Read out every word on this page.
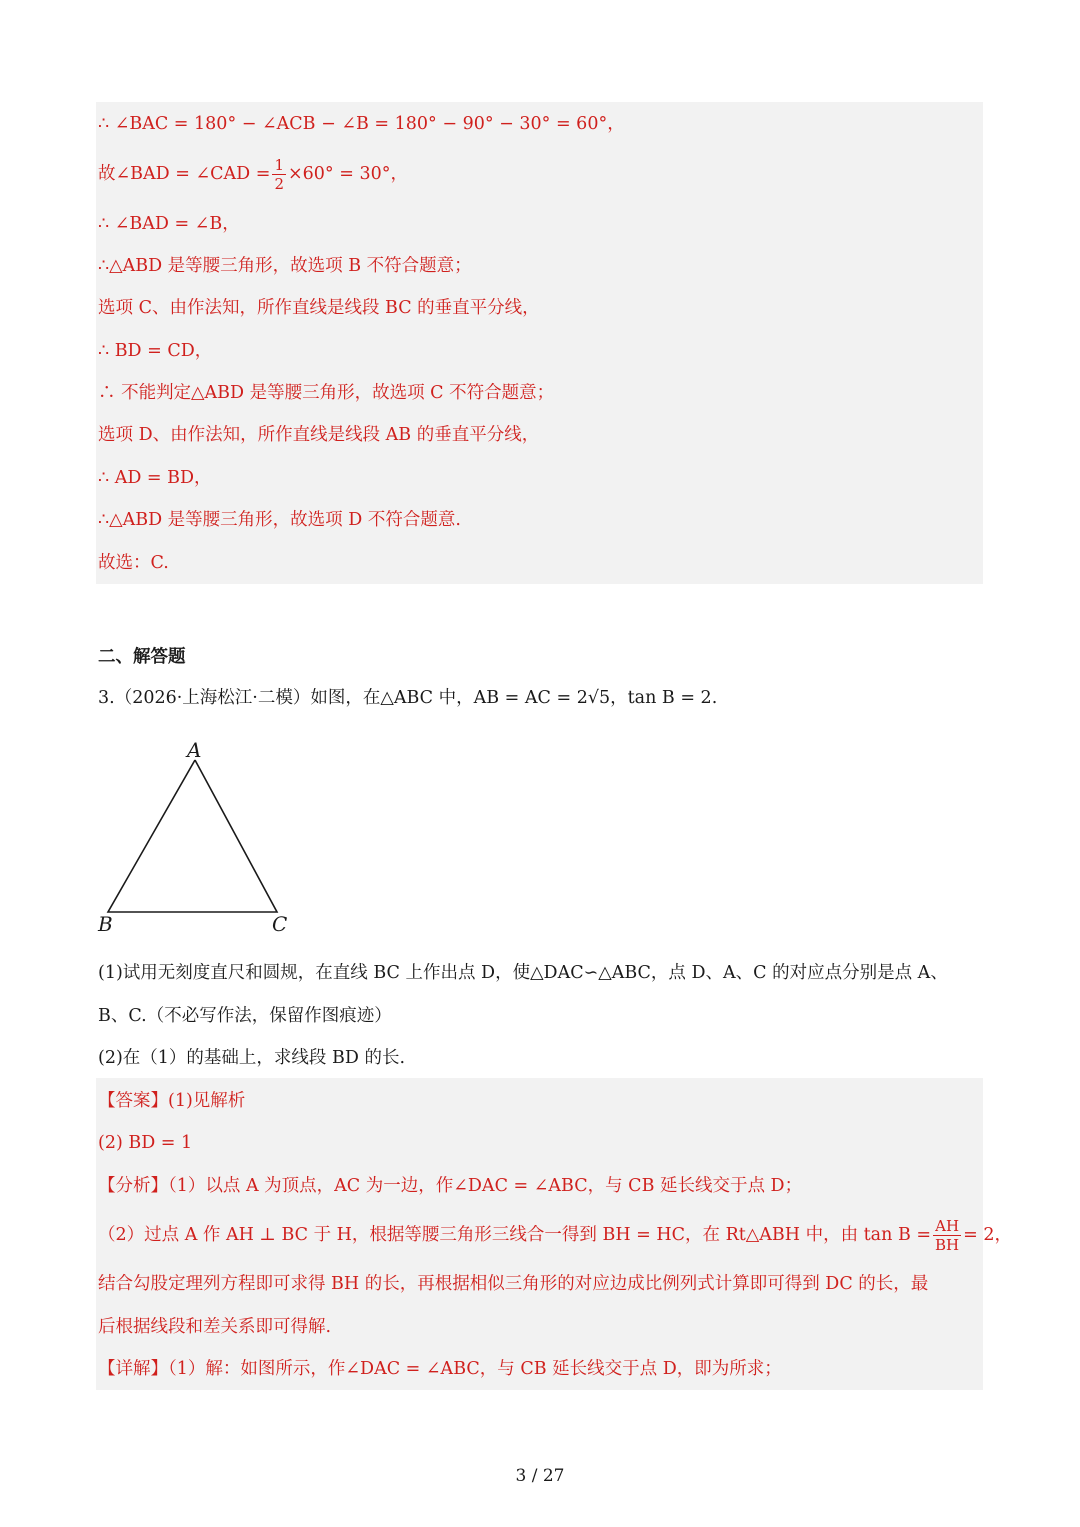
∴ ∠BAC = 180° − ∠ACB − ∠B = 180° − 90° − 30° = 60°，
故∠BAD = ∠CAD = $\frac{1}{2} \times 60^\circ = 30^\circ$，
∴ ∠BAD = ∠B，
∴△ABD 是等腰三角形，故选项 B 不符合题意；
选项 C、由作法知，所作直线是线段 BC 的垂直平分线，
∴ BD = CD，
∴ 不能判定△ABD 是等腰三角形，故选项 C 不符合题意；
选项 D、由作法知，所作直线是线段 AB 的垂直平分线，
∴ AD = BD，
∴△ABD 是等腰三角形，故选项 D 不符合题意.
故选：C.
二、解答题
3.（2026·上海松江·二模）如图，在△ABC 中，AB = AC = 2√5，tan B = 2.
A
B	C
(1)试用无刻度直尺和圆规，在直线 BC 上作出点 D，使△DAC∽△ABC，点 D、A、C 的对应点分别是点 A、
B、C.（不必写作法，保留作图痕迹）
(2)在（1）的基础上，求线段 BD 的长.
【答案】(1)见解析
(2) BD = 1
【分析】（1）以点 A 为顶点，AC 为一边，作∠DAC = ∠ABC，与 CB 延长线交于点 D；
（2）过点 A 作 AH ⊥ BC 于 H，根据等腰三角形三线合一得到 BH = HC，在 Rt△ABH 中，由 $\tan B = \frac{AH}{BH} = 2$，
结合勾股定理列方程即可求得 BH 的长，再根据相似三角形的对应边成比例列式计算即可得到 DC 的长，最
后根据线段和差关系即可得解.
【详解】（1）解：如图所示，作∠DAC = ∠ABC，与 CB 延长线交于点 D，即为所求；
3 / 27
